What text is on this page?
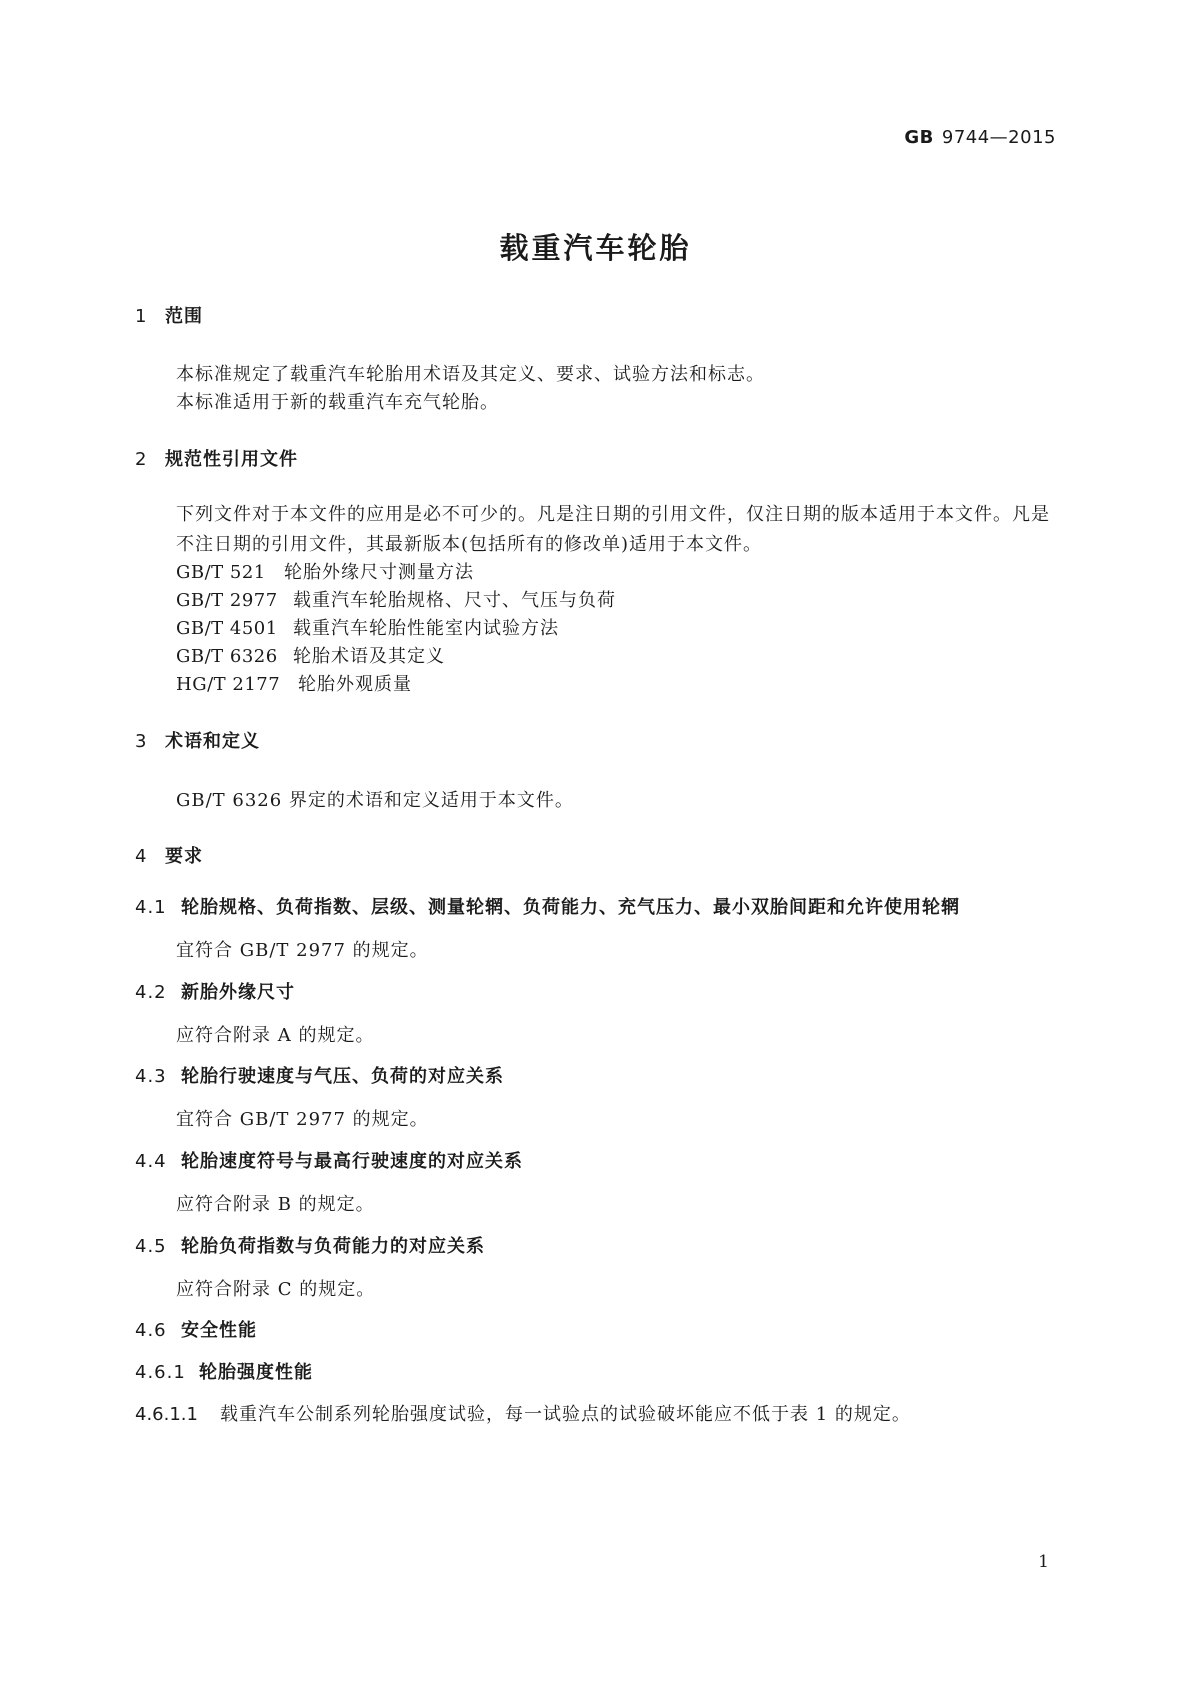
GB 9744—2015
载重汽车轮胎
1 范围
本标准规定了载重汽车轮胎用术语及其定义、要求、试验方法和标志。
本标准适用于新的载重汽车充气轮胎。
2 规范性引用文件
下列文件对于本文件的应用是必不可少的。凡是注日期的引用文件，仅注日期的版本适用于本文件。凡是不注日期的引用文件，其最新版本(包括所有的修改单)适用于本文件。
GB/T 521 轮胎外缘尺寸测量方法
GB/T 2977 载重汽车轮胎规格、尺寸、气压与负荷
GB/T 4501 载重汽车轮胎性能室内试验方法
GB/T 6326 轮胎术语及其定义
HG/T 2177 轮胎外观质量
3 术语和定义
GB/T 6326 界定的术语和定义适用于本文件。
4 要求
4.1 轮胎规格、负荷指数、层级、测量轮辋、负荷能力、充气压力、最小双胎间距和允许使用轮辋
宜符合 GB/T 2977 的规定。
4.2 新胎外缘尺寸
应符合附录 A 的规定。
4.3 轮胎行驶速度与气压、负荷的对应关系
宜符合 GB/T 2977 的规定。
4.4 轮胎速度符号与最高行驶速度的对应关系
应符合附录 B 的规定。
4.5 轮胎负荷指数与负荷能力的对应关系
应符合附录 C 的规定。
4.6 安全性能
4.6.1 轮胎强度性能
4.6.1.1 载重汽车公制系列轮胎强度试验，每一试验点的试验破坏能应不低于表 1 的规定。
1
